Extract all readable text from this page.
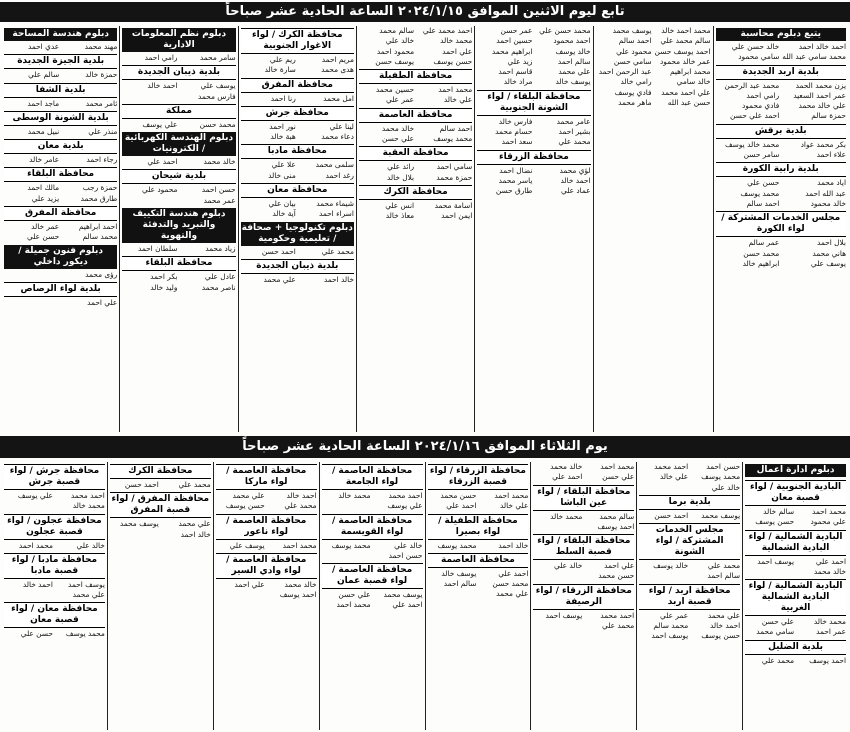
تابع ليوم الاثنين الموافق ٢٠٢٤/١/١٥ الساعة الحادية عشر صباحاً
يتبع دبلوم محاسبة
احمد خالد احمد
محمد سامي عبد الله
خالد حسن علي
سامي محمود
بلدية اربد الجديدة
يزن محمد الحمد
عمر احمد السعيد
علي خالد محمد
حمزة سالم
محمد عبد الرحمن
رامي احمد
فادي محمود
احمد علي حسن
بلدية برقش
بكر محمد عواد
علاء احمد
محمد خالد يوسف
سامر حسن
بلدية رابية الكورة
اياد محمد
عبد الله احمد
خالد محمود
حسن علي
محمد يوسف
احمد سالم
مجلس الخدمات المشتركة / لواء الكورة
بلال احمد
هاني محمد
يوسف علي
عمر سالم
محمد حسن
ابراهيم خالد
محمد احمد خالد
سالم محمد علي
احمد يوسف حسن
عمر خالد محمود
محمد ابراهيم
خالد سامي
علي احمد محمد
حسن عبد الله
يوسف محمد
احمد سالم
محمود علي
سامي حسن
عبد الرحمن احمد
رامي خالد
فادي يوسف
ماهر محمد
محمد حسن علي
احمد محمود
خالد يوسف
سالم احمد
علي محمد
يوسف خالد
عمر حسن
حسين احمد
ابراهيم محمد
زيد علي
قاسم احمد
مراد خالد
محافظة البلقاء / لواء الشونة الجنوبية
عامر محمد
بشير احمد
محمد علي
فارس خالد
حسام محمد
سعد احمد
محافظة الزرقاء
لؤي محمد
احمد خالد
عماد علي
نضال احمد
ياسر محمد
طارق حسن
احمد محمد علي
محمد خالد
علي احمد
حسن يوسف
سالم محمد
خالد علي
محمود احمد
يوسف حسن
محافظة الطفيلة
محمد احمد
علي خالد
حسين محمد
عمر علي
محافظة العاصمة
احمد سالم
محمد يوسف
خالد محمد
علي حسن
محافظة العقبة
سامي احمد
حمزة محمد
رائد علي
بلال خالد
محافظة الكرك
اسامة محمد
ايمن احمد
انس علي
معاذ خالد
محافظة الكرك / لواء الاغوار الجنوبية
مريم احمد
هدى محمد
ريم علي
سارة خالد
محافظة المفرق
امل محمد
رنا احمد
محافظة جرش
لينا علي
دعاء محمد
نور احمد
هبة خالد
محافظة مادبا
سلمى محمد
رغد احمد
علا علي
منى خالد
محافظة معان
شيماء محمد
اسراء احمد
بيان علي
آية خالد
دبلوم تكنولوجيا + صحافة / تعليمية وحكومية
محمد علي
احمد حسن
بلدية ذيبان الجديدة
خالد احمد
علي محمد
دبلوم نظم المعلومات الادارية
سامر محمد
رامي احمد
بلدية ذيبان الجديدة
يوسف علي
فارس محمد
احمد خالد
مملكة
محمد حسن
علي يوسف
دبلوم الهندسة الكهربائية / الكترونيات
خالد محمد
احمد علي
بلدية شيحان
حسن احمد
عمر محمد
محمود علي
دبلوم هندسة التكييف والتبريد والتدفئة والتهوية
زياد محمد
سلطان احمد
محافظة البلقاء
عادل علي
ناصر محمد
بكر احمد
وليد خالد
دبلوم هندسة المساحة
مهند محمد
عدي احمد
بلدية الجيزة الجديدة
حمزة خالد
سالم علي
بلدية الشفا
ثامر محمد
ماجد احمد
بلدية الشونة الوسطى
منذر علي
نبيل محمد
بلدية معان
رجاء احمد
عامر خالد
محافظة البلقاء
حمزة رجب
طارق محمد
مالك احمد
يزيد علي
محافظة المفرق
احمد ابراهيم
محمد سالم
عمر خالد
حسن علي
دبلوم فنون جميلة / ديكور داخلي
رؤى محمد
بلدية لواء الرصاص
علي احمد
يوم الثلاثاء الموافق ٢٠٢٤/١/١٦ الساعة الحادية عشر صباحاً
دبلوم ادارة اعمال
البادية الجنوبية / لواء قصبة معان
محمد احمد
علي محمود
سالم خالد
حسن يوسف
البادية الشمالية / لواء البادية الشمالية
احمد علي
خالد محمد
يوسف احمد
البادية الشمالية / لواء البادية الشمالية الغربية
محمد خالد
عمر احمد
علي حسن
سامي محمد
بلدية الضليل
احمد يوسف
محمد علي
حسن احمد
محمد يوسف
خالد علي
احمد محمد
علي خالد
بلدية برما
يوسف محمد
احمد حسن
مجلس الخدمات المشتركة / لواء الشونة
محمد علي
سالم احمد
خالد يوسف
محافظة اربد / لواء قصبة اربد
علي محمد
احمد خالد
حسن يوسف
عمر علي
محمد سالم
يوسف احمد
محمد احمد
علي حسن
خالد محمد
احمد علي
محافظة البلقاء / لواء عين الباشا
سالم محمد
احمد يوسف
محمد خالد
محافظة البلقاء / لواء قصبة السلط
علي احمد
حسن محمد
خالد علي
محافظة الزرقاء / لواء الرصيفة
احمد محمد
محمد علي
يوسف احمد
محافظة الزرقاء / لواء قصبة الزرقاء
محمد احمد
علي خالد
حسن محمد
احمد علي
محافظة الطفيلة / لواء بصيرا
خالد احمد
محمد يوسف
محافظة العاصمة
احمد علي
محمد حسن
علي محمد
يوسف خالد
سالم احمد
محافظة العاصمة / لواء الجامعة
احمد محمد
علي يوسف
محمد خالد
محافظة العاصمة / لواء القويسمة
خالد علي
حسن احمد
محمد يوسف
محافظة العاصمة / لواء قصبة عمان
يوسف محمد
احمد علي
علي حسن
محمد احمد
محافظة العاصمة / لواء ماركا
احمد خالد
محمد علي
علي محمد
حسن يوسف
محافظة العاصمة / لواء ناعور
محمد احمد
يوسف علي
محافظة العاصمة / لواء وادي السير
خالد محمد
احمد يوسف
علي احمد
محافظة الكرك
محمد علي
احمد حسن
محافظة المفرق / لواء قصبة المفرق
علي محمد
خالد احمد
يوسف محمد
محافظة جرش / لواء قصبة جرش
احمد محمد
محمد خالد
علي يوسف
محافظة عجلون / لواء قصبة عجلون
خالد علي
محمد احمد
محافظة مادبا / لواء قصبة مادبا
يوسف احمد
علي محمد
احمد خالد
محافظة معان / لواء قصبة معان
محمد يوسف
حسن علي
